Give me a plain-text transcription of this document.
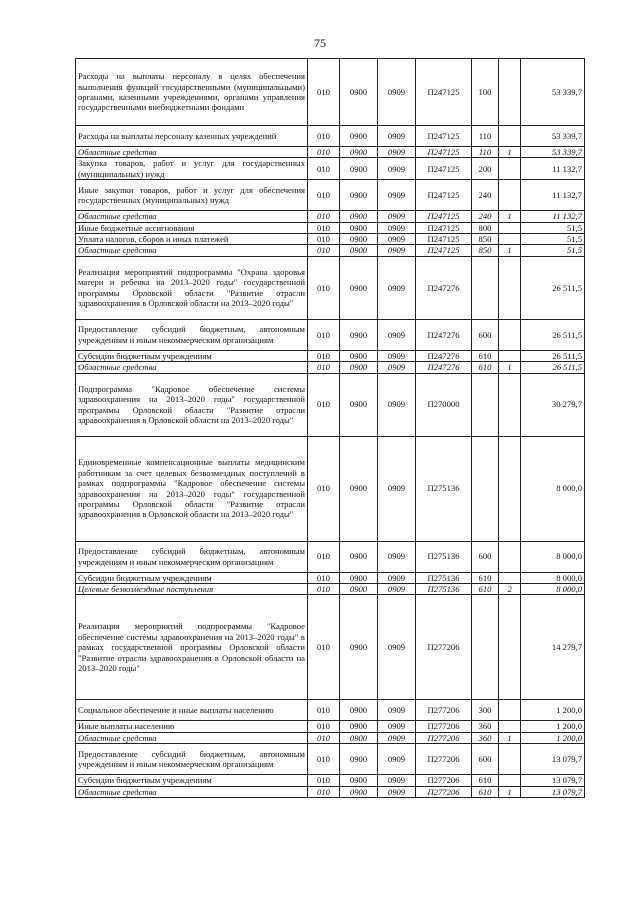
75
Расходы на выплаты персоналу в целях обеспечения выполнения функций государственными (муниципальными) органами, казенными учреждениями, органами управления государственными внебюджетными фондами	010	0900	0909	П247125	100		53 339,7
Расходы на выплаты персоналу казенных учреждений	010	0900	0909	П247125	110		53 339,7
Областные средства	010	0900	0909	П247125	110	1	53 339,7
Закупка товаров, работ и услуг для государственных (муниципальных) нужд	010	0900	0909	П247125	200		11 132,7
Иные закупки товаров, работ и услуг для обеспечения государственных (муниципальных) нужд	010	0900	0909	П247125	240		11 132,7
Областные средства	010	0900	0909	П247125	240	1	11 132,7
Иные бюджетные ассигнования	010	0900	0909	П247125	800		51,5
Уплата налогов, сборов и иных платежей	010	0900	0909	П247125	850		51,5
Областные средства	010	0900	0909	П247125	850	1	51,5
Реализация мероприятий подпрограммы "Охрана здоровья матери и ребенка на 2013–2020 годы" государственной программы Орловской области "Развитие отрасли здравоохранения в Орловской области на 2013–2020 годы"	010	0900	0909	П247276			26 511,5
Предоставление субсидий бюджетным, автономным учреждениям и иным некоммерческим организациям	010	0900	0909	П247276	600		26 511,5
Субсидии бюджетным учреждениям	010	0900	0909	П247276	610		26 511,5
Областные средства	010	0900	0909	П247276	610	1	26 511,5
Подпрограмма "Кадровое обеспечение системы здравоохранения на 2013–2020 годы" государственной программы Орловской области "Развитие отрасли здравоохранения в Орловской области на 2013–2020 годы"	010	0900	0909	П270000			30 279,7
Единовременные компенсационные выплаты медицинским работникам за счет целевых безвозмездных поступлений в рамках подпрограммы "Кадровое обеспечение системы здравоохранения на 2013–2020 годы" государственной программы Орловской области "Развитие отрасли здравоохранения в Орловской области на 2013–2020 годы"	010	0900	0909	П275136			8 000,0
Предоставление субсидий бюджетным, автономным учреждениям и иным некоммерческим организациям	010	0900	0909	П275136	600		8 000,0
Субсидии бюджетным учреждениям	010	0900	0909	П275136	610		8 000,0
Целевые безвозмездные поступления	010	0900	0909	П275136	610	2	8 000,0
Реализация мероприятий подпрограммы "Кадровое обеспечение системы здравоохранения на 2013–2020 годы" в рамках государственной программы Орловской области "Развитие отрасли здравоохранения в Орловской области на 2013–2020 годы"	010	0900	0909	П277206			14 279,7
Социальное обеспечение и иные выплаты населению	010	0900	0909	П277206	300		1 200,0
Иные выплаты населению	010	0900	0909	П277206	360		1 200,0
Областные средства	010	0900	0909	П277206	360	1	1 200,0
Предоставление субсидий бюджетным, автономным учреждениям и иным некоммерческим организациям	010	0900	0909	П277206	600		13 079,7
Субсидии бюджетным учреждениям	010	0900	0909	П277206	610		13 079,7
Областные средства	010	0900	0909	П277206	610	1	13 079,7
